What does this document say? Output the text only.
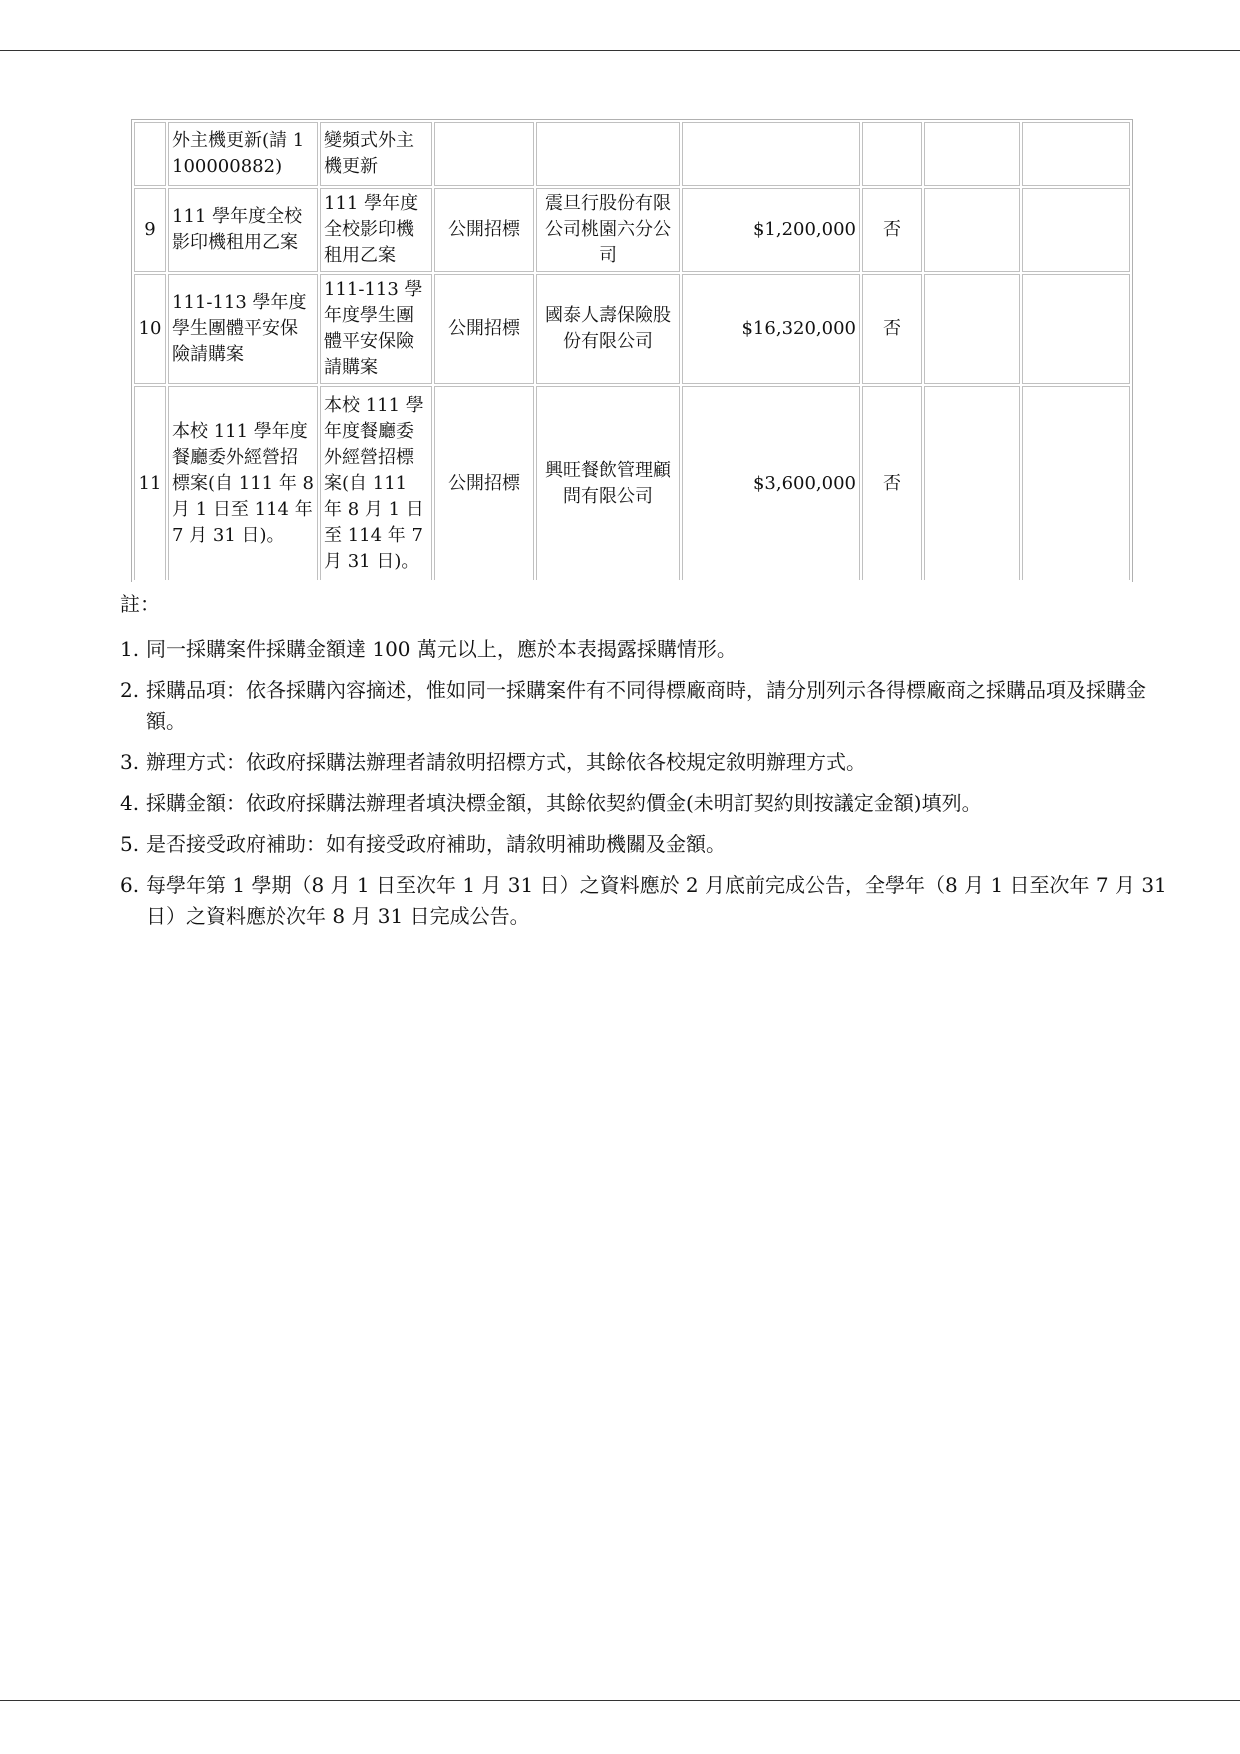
	外主機更新(請 1100000882)	變頻式外主機更新						
9	111 學年度全校影印機租用乙案	111 學年度全校影印機租用乙案	公開招標	震旦行股份有限公司桃園六分公司	$1,200,000	否		
10	111-113 學年度學生團體平安保險請購案	111-113 學年度學生團體平安保險請購案	公開招標	國泰人壽保險股份有限公司	$16,320,000	否		
11	本校 111 學年度餐廳委外經營招標案(自 111 年 8 月 1 日至 114 年 7 月 31 日)。	本校 111 學年度餐廳委外經營招標案(自 111 年 8 月 1 日至 114 年 7 月 31 日)。	公開招標	興旺餐飲管理顧問有限公司	$3,600,000	否		
註：
1. 同一採購案件採購金額達 100 萬元以上，應於本表揭露採購情形。
2. 採購品項：依各採購內容摘述，惟如同一採購案件有不同得標廠商時，請分別列示各得標廠商之採購品項及採購金額。
3. 辦理方式：依政府採購法辦理者請敘明招標方式，其餘依各校規定敘明辦理方式。
4. 採購金額：依政府採購法辦理者填決標金額，其餘依契約價金(未明訂契約則按議定金額)填列。
5. 是否接受政府補助：如有接受政府補助，請敘明補助機關及金額。
6. 每學年第 1 學期（8 月 1 日至次年 1 月 31 日）之資料應於 2 月底前完成公告，全學年（8 月 1 日至次年 7 月 31 日）之資料應於次年 8 月 31 日完成公告。
